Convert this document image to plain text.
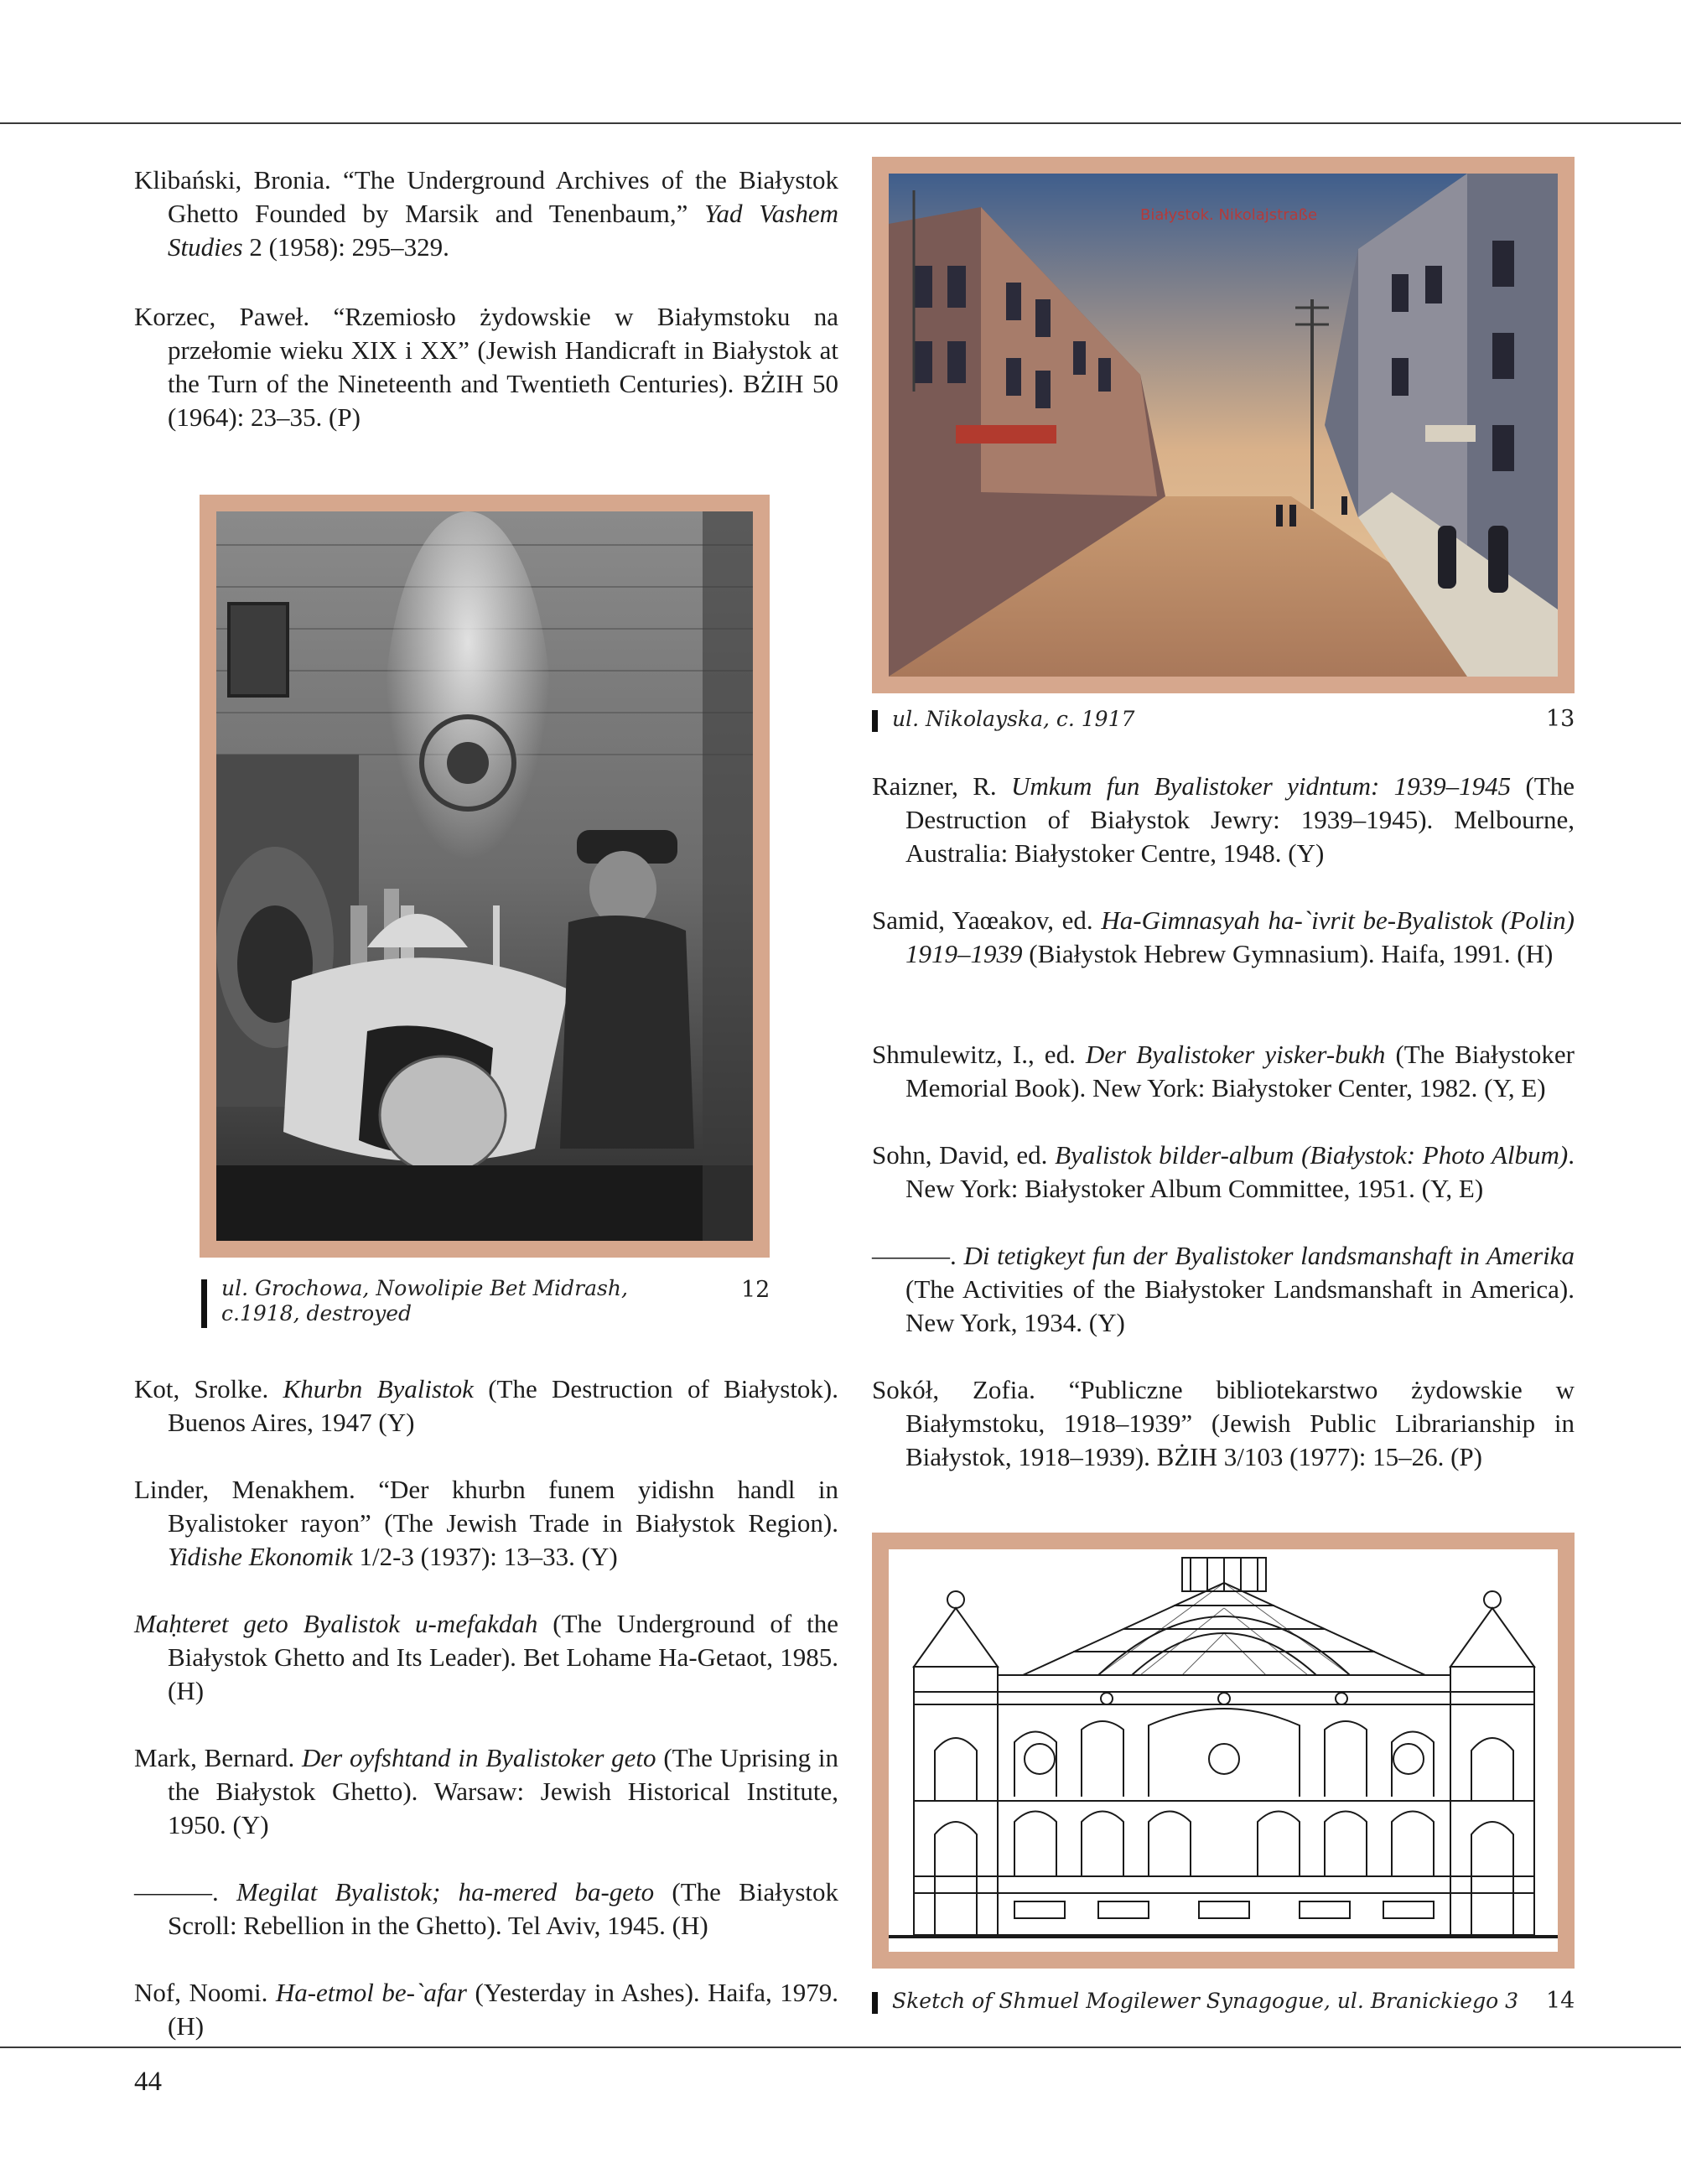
Klibański, Bronia. “The Underground Archives of the Białystok Ghetto Founded by Marsik and Tenenbaum,” Yad Vashem Studies 2 (1958): 295–329.
Korzec, Paweł. “Rzemiosło żydowskie w Białymstoku na przełomie wieku XIX i XX” (Jewish Handicraft in Białystok at the Turn of the Nineteenth and Twentieth Centuries). BŻIH 50 (1964): 23–35. (P)
ul. Grochowa, Nowolipie Bet Midrash,
c.1918, destroyed
12
Kot, Srolke. Khurbn Byalistok (The Destruction of Białystok). Buenos Aires, 1947 (Y)
Linder, Menakhem. “Der khurbn funem yidishn handl in Byalistoker rayon” (The Jewish Trade in Białystok Region). Yidishe Ekonomik 1/2-3 (1937): 13–33. (Y)
Maḥteret geto Byalistok u-mefakdah (The Underground of the Białystok Ghetto and Its Leader). Bet Lohame Ha-Getaot, 1985. (H)
Mark, Bernard. Der oyfshtand in Byalistoker geto (The Uprising in the Białystok Ghetto). Warsaw: Jewish Historical Institute, 1950. (Y)
———. Megilat Byalistok; ha-mered ba-geto (The Białystok Scroll: Rebellion in the Ghetto). Tel Aviv, 1945. (H)
Nof, Noomi. Ha-etmol be-`afar (Yesterday in Ashes). Haifa, 1979. (H)
Białystok. Nikolajstraße
ul. Nikolayska, c. 1917	13
Raizner, R. Umkum fun Byalistoker yidntum: 1939–1945 (The Destruction of Białystok Jewry: 1939–1945). Melbourne, Australia: Białystoker Centre, 1948. (Y)
Samid, Yaœakov, ed. Ha-Gimnasyah ha-`ivrit be-Byalistok (Polin) 1919–1939 (Białystok Hebrew Gymnasium). Haifa, 1991. (H)
Shmulewitz, I., ed. Der Byalistoker yisker-bukh (The Białystoker Memorial Book). New York: Białystoker Center, 1982. (Y, E)
Sohn, David, ed. Byalistok bilder-album (Białystok: Photo Album). New York: Białystoker Album Committee, 1951. (Y, E)
———. Di tetigkeyt fun der Byalistoker landsmanshaft in Amerika (The Activities of the Białystoker Landsmanshaft in America). New York, 1934. (Y)
Sokół, Zofia. “Publiczne bibliotekarstwo żydowskie w Białymstoku, 1918–1939” (Jewish Public Librarianship in Białystok, 1918–1939). BŻIH 3/103 (1977): 15–26. (P)
Sketch of Shmuel Mogilewer Synagogue, ul. Branickiego 3 14
44
